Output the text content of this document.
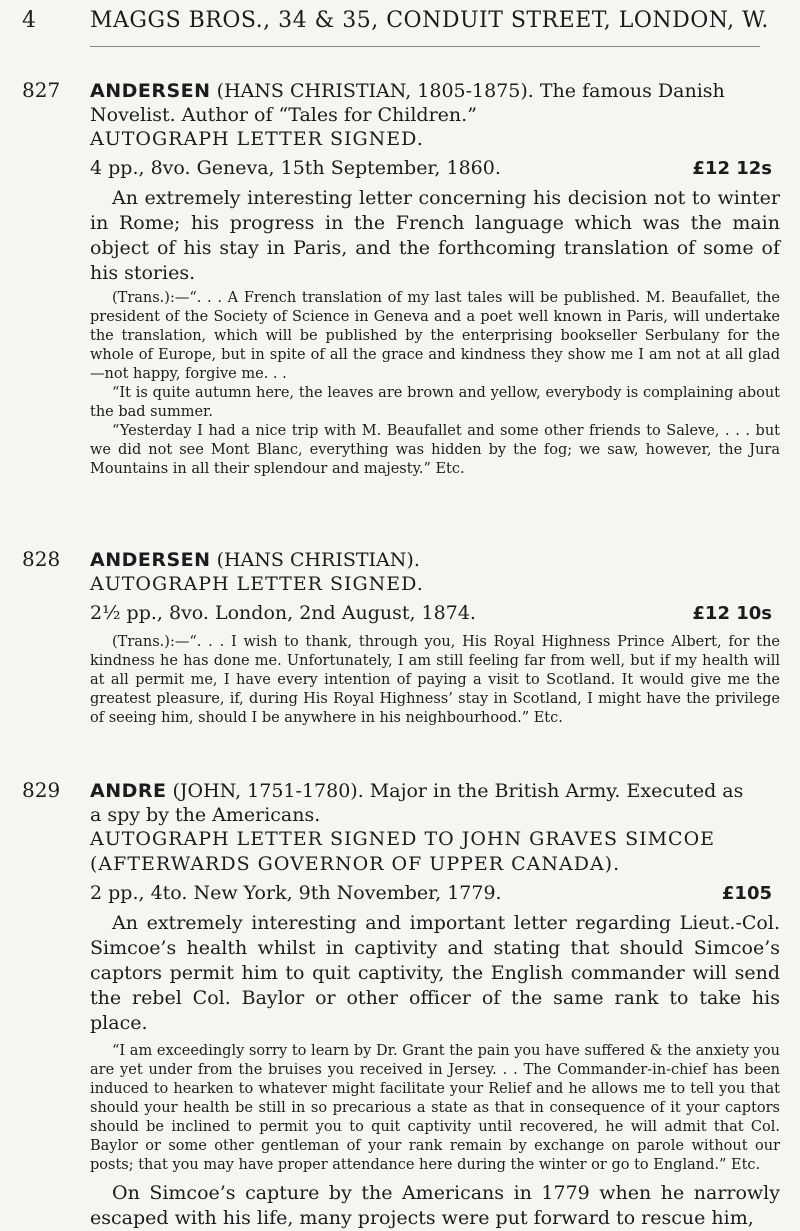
4	MAGGS BROS., 34 & 35, CONDUIT STREET, LONDON, W.
827	ANDERSEN (HANS CHRISTIAN, 1805-1875). The famous Danish
Novelist. Author of “Tales for Children.”
AUTOGRAPH LETTER SIGNED.
4 pp., 8vo. Geneva, 15th September, 1860.	£12 12s

An extremely interesting letter concerning his decision not to winter in Rome; his progress in the French language which was the main object of his stay in Paris, and the forthcoming translation of some of his stories.

(Trans.):—“. . . A French translation of my last tales will be published. M. Beaufallet, the president of the Society of Science in Geneva and a poet well known in Paris, will undertake the translation, which will be published by the enterprising bookseller Serbulany for the whole of Europe, but in spite of all the grace and kindness they show me I am not at all glad—not happy, forgive me. . .

“It is quite autumn here, the leaves are brown and yellow, everybody is complaining about the bad summer.

“Yesterday I had a nice trip with M. Beaufallet and some other friends to Saleve, . . . but we did not see Mont Blanc, everything was hidden by the fog; we saw, however, the Jura Mountains in all their splendour and majesty.” Etc.

828	ANDERSEN (HANS CHRISTIAN).
AUTOGRAPH LETTER SIGNED.
2½ pp., 8vo. London, 2nd August, 1874.	£12 10s

(Trans.):—“. . . I wish to thank, through you, His Royal Highness Prince Albert, for the kindness he has done me. Unfortunately, I am still feeling far from well, but if my health will at all permit me, I have every intention of paying a visit to Scotland. It would give me the greatest pleasure, if, during His Royal Highness’ stay in Scotland, I might have the privilege of seeing him, should I be anywhere in his neighbourhood.” Etc.

829	ANDRE (JOHN, 1751-1780). Major in the British Army. Executed as
a spy by the Americans.
AUTOGRAPH LETTER SIGNED TO JOHN GRAVES SIMCOE (AFTERWARDS GOVERNOR OF UPPER CANADA).
2 pp., 4to. New York, 9th November, 1779.	£105

An extremely interesting and important letter regarding Lieut.-Col. Simcoe’s health whilst in captivity and stating that should Simcoe’s captors permit him to quit captivity, the English commander will send the rebel Col. Baylor or other officer of the same rank to take his place.

“I am exceedingly sorry to learn by Dr. Grant the pain you have suffered & the anxiety you are yet under from the bruises you received in Jersey. . . The Commander-in-chief has been induced to hearken to whatever might facilitate your Relief and he allows me to tell you that should your health be still in so precarious a state as that in consequence of it your captors should be inclined to permit you to quit captivity until recovered, he will admit that Col. Baylor or some other gentleman of your rank remain by exchange on parole without our posts; that you may have proper attendance here during the winter or go to England.” Etc.

On Simcoe’s capture by the Americans in 1779 when he narrowly escaped with his life, many projects were put forward to rescue him,
